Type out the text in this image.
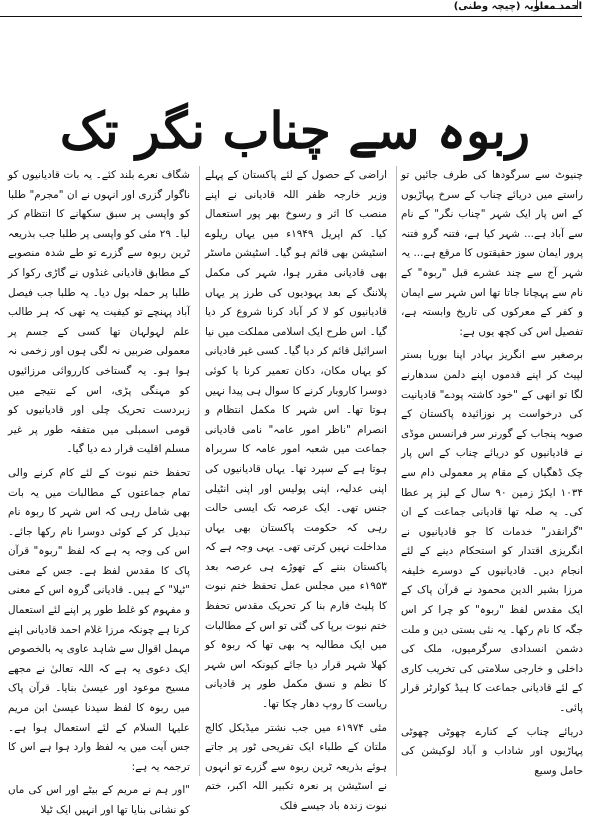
احمد معاویہ (چیچہ وطنی)
ربوہ سے چناب نگر تک

چنیوٹ سے سرگودھا کی طرف جائیں تو راستے میں دریائے چناب کے سرخ پہاڑیوں کے اس پار ایک شہر "چناب نگر" کے نام سے آباد ہے... شہر کیا ہے، فتنہ گرو فتنہ پرور ایمان سوز حقیقتوں کا مرقع ہے... یہ شہر آج سے چند عشرے قبل "ربوہ" کے نام سے پہچانا جاتا تھا اس شہر سے ایمان و کفر کے معرکوں کی تاریخ وابستہ ہے، تفصیل اس کی کچھ یوں ہے:

برصغیر سے انگریز بہادر اپنا بوریا بستر لپیٹ کر اپنے قدموں اپنے دلمن سدھارنے لگا تو انھی کے "خود کاشتہ پودے" قادیانیت کی درخواست پر نوزائیدہ پاکستان کے صوبہ پنجاب کے گورنر سر فرانسس موڈی نے قادیانیوں کو دریائے چناب کے اس پار چک ڈھگیاں کے مقام پر معمولی دام سے ۱۰۳۴ ایکڑ زمین ۹۰ سال کے لیز پر عطا کی۔ یہ صلہ تھا قادیانی جماعت کے ان "گرانقدر" خدمات کا جو قادیانیوں نے انگریزی اقتدار کو استحکام دینے کے لئے انجام دیں۔ قادیانیوں کے دوسرے خلیفہ مرزا بشیر الدین محمود نے قرآن پاک کے ایک مقدس لفظ "ربوہ" کو چرا کر اس جگہ کا نام رکھا۔ یہ نئی بستی دین و ملت دشمن انسدادی سرگرمیوں، ملک کی داخلی و خارجی سلامتی کی تخریب کاری کے لئے قادیانی جماعت کا ہیڈ کوارٹر قرار پائی۔

دریائے چناب کے کنارے چھوٹی چھوٹی پہاڑیوں اور شاداب و آباد لوکیشن کی حامل وسیع

اراضی کے حصول کے لئے پاکستان کے پہلے وزیر خارجہ ظفر اللہ قادیانی نے اپنے منصب کا اثر و رسوخ بھر پور استعمال کیا۔ کم اپریل ۱۹۴۹ء میں یہاں ریلوے اسٹیشن بھی قائم ہو گیا۔ اسٹیشن ماسٹر بھی قادیانی مقرر ہوا، شہر کی مکمل پلاننگ کے بعد یہودیوں کی طرز پر یہاں قادیانیوں کو لا کر آباد کرنا شروع کر دیا گیا۔ اس طرح ایک اسلامی مملکت میں نیا اسرائیل قائم کر دیا گیا۔ کسی غیر قادیانی کو یہاں مکان، دکان تعمیر کرنا یا کوئی دوسرا کاروبار کرنے کا سوال ہی پیدا نہیں ہوتا تھا۔ اس شہر کا مکمل انتظام و انصرام "ناظر امور عامہ" نامی قادیانی جماعت میں شعبہ امور عامہ کا سربراہ ہوتا ہے کے سپرد تھا۔ یہاں قادیانیوں کی اپنی عدلیہ، اپنی پولیس اور اپنی انٹیلی جنس تھی۔ ایک عرصہ تک ایسی حالت رہی کہ حکومت پاکستان بھی یہاں مداخلت نہیں کرتی تھی۔ یہی وجہ ہے کہ پاکستان بننے کے تھوڑے ہی عرصہ بعد ۱۹۵۳ء میں مجلس عمل تحفظ ختم نبوت کا پلیٹ فارم بنا کر تحریک مقدس تحفظ ختم نبوت برپا کی گئی تو اس کے مطالبات میں ایک مطالبہ یہ بھی تھا کہ ربوہ کو کھلا شہر قرار دیا جائے کیونکہ اس شہر کا نظم و نسق مکمل طور پر قادیانی ریاست کا روپ دھار چکا تھا۔

مئی ۱۹۷۴ء میں جب نشتر میڈیکل کالج ملتان کے طلباء ایک تفریحی ٹور پر جاتے ہوئے بذریعہ ٹرین ربوہ سے گزرے تو انہوں نے اسٹیشن پر نعرہ تکبیر اللہ اکبر، ختم نبوت زندہ باد جیسے فلک

شگاف نعرے بلند کئے۔ یہ بات قادیانیوں کو ناگوار گزری اور انہوں نے ان "مجرم" طلبا کو واپسی پر سبق سکھانے کا انتظام کر لیا۔ ۲۹ مئی کو واپسی پر طلبا جب بذریعہ ٹرین ربوہ سے گزرے تو طے شدہ منصوبے کے مطابق قادیانی غنڈوں نے گاڑی رکوا کر طلبا پر حملہ بول دیا۔ یہ طلبا جب فیصل آباد پہنچے تو کیفیت یہ تھی کہ ہر طالب علم لہولہان تھا کسی کے جسم پر معمولی ضربیں نہ لگی ہوں اور زخمی نہ ہوا ہو۔ یہ گستاخی کارروائی مرزائیوں کو مہنگی پڑی، اس کے نتیجے میں زبردست تحریک چلی اور قادیانیوں کو قومی اسمبلی میں متفقہ طور پر غیر مسلم اقلیت قرار دے دیا گیا۔

تحفظ ختم نبوت کے لئے کام کرنے والی تمام جماعتوں کے مطالبات میں یہ بات بھی شامل رہی کہ اس شہر کا ربوہ نام تبدیل کر کے کوئی دوسرا نام رکھا جائے۔ اس کی وجہ یہ ہے کہ لفظ "ربوہ" قرآن پاک کا مقدس لفظ ہے۔ جس کے معنی "ٹیلا" کے ہیں۔ قادیانی گروہ اس کے معنی و مفہوم کو غلط طور پر اپنے لئے استعمال کرتا ہے چونکہ مرزا غلام احمد قادیانی اپنے مہمل اقوال سے شاہد عاوی یہ بالخصوص ایک دعوی یہ ہے کہ اللہ تعالیٰ نے مجھے مسیح موعود اور عیسیٰ بنایا۔ قرآن پاک میں ربوہ کا لفظ سیدنا عیسیٰ ابن مریم علیہا السلام کے لئے استعمال ہوا ہے۔ جس آیت میں یہ لفظ وارد ہوا ہے اس کا ترجمہ یہ ہے:

"اور ہم نے مریم کے بیٹے اور اس کی ماں کو نشانی بنایا تھا اور انہیں ایک ٹیلا
